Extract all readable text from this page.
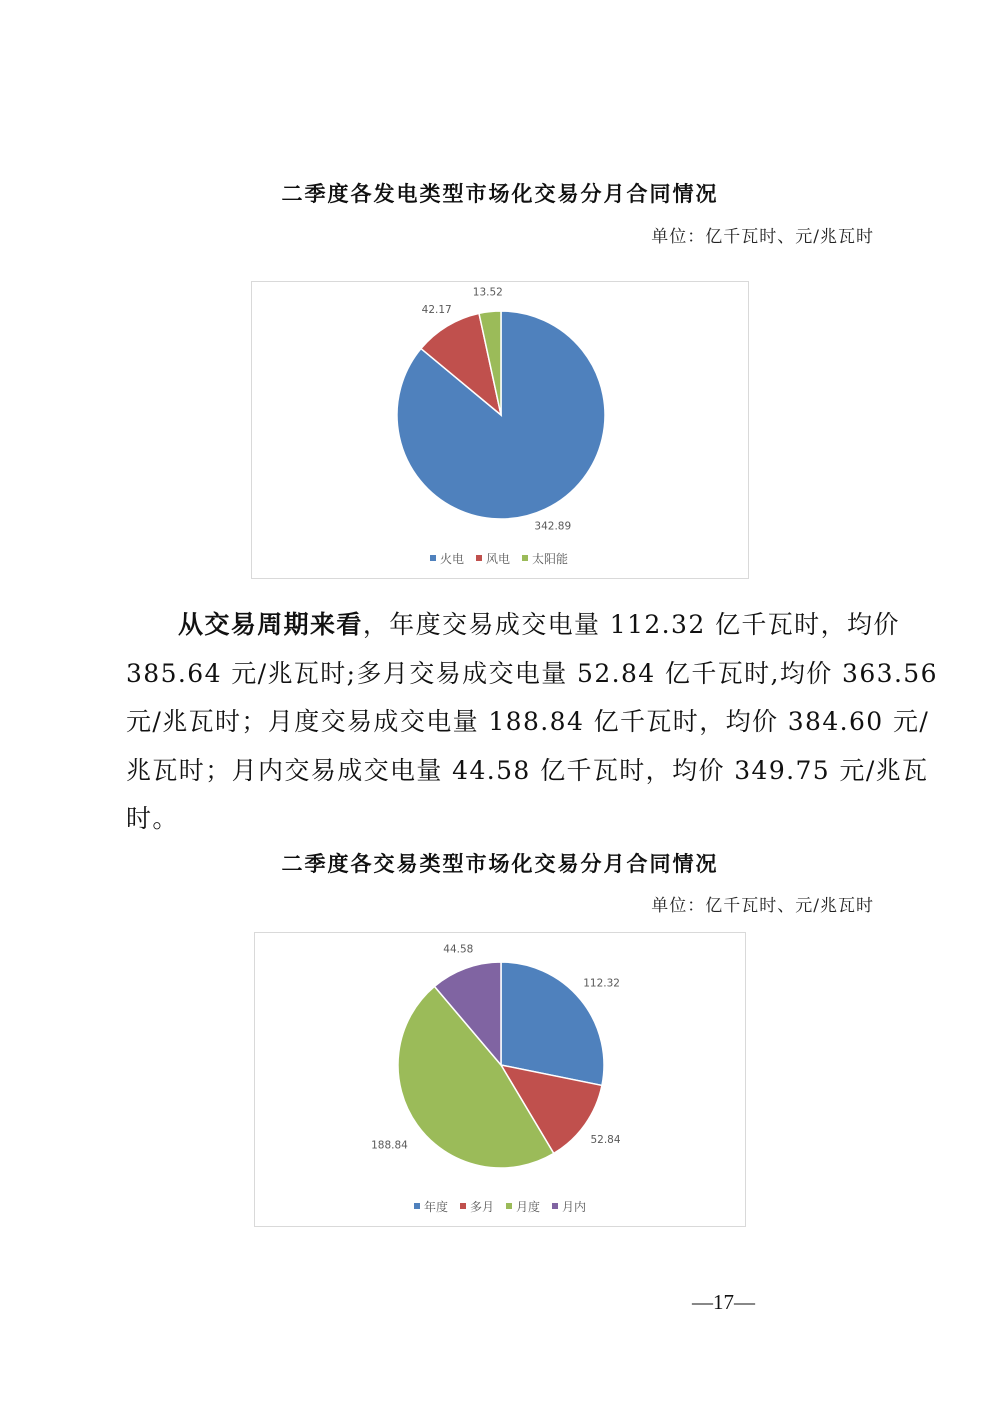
二季度各发电类型市场化交易分月合同情况
单位：亿千瓦时、元/兆瓦时
342.89
42.17
13.52
火电 风电 太阳能
从交易周期来看，年度交易成交电量 112.32 亿千瓦时，均价
385.64 元/兆瓦时;多月交易成交电量 52.84 亿千瓦时,均价 363.56
元/兆瓦时；月度交易成交电量 188.84 亿千瓦时，均价 384.60 元/
兆瓦时；月内交易成交电量 44.58 亿千瓦时，均价 349.75 元/兆瓦
时。
二季度各交易类型市场化交易分月合同情况
单位：亿千瓦时、元/兆瓦时
112.32
52.84
188.84
44.58
年度 多月 月度 月内
—17—
